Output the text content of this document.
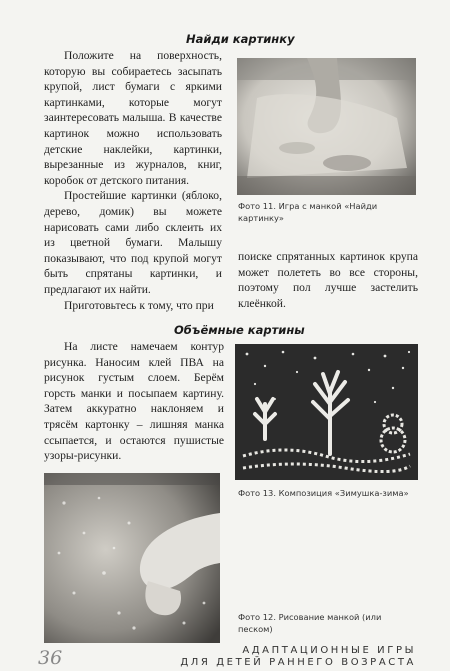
Найди картинку

Положите на поверхность, которую вы собираетесь засыпать крупой, лист бумаги с яркими картинками, которые могут заинтересовать малыша. В качестве картинок можно использовать детские наклейки, картинки, вырезанные из журналов, книг, коробок от детского питания.

Простейшие картинки (яблоко, дерево, домик) вы можете нарисовать сами либо склеить их из цветной бумаги. Малышу показывают, что под крупой могут быть спрятаны картинки, и предлагают их найти.

Приготовьтесь к тому, что при

Фото 11. Игра с манкой «Найди картинку»

поиске спрятанных картинок крупа может полететь во все стороны, поэтому пол лучше застелить клеёнкой.

Объёмные картины

На листе намечаем контур рисунка. Наносим клей ПВА на рисунок густым слоем. Берём горсть манки и посыпаем картину. Затем аккуратно наклоняем и трясём картонку – лишняя манка ссыпается, и остаются пушистые узоры-рисунки.

Фото 13. Композиция «Зимушка-зима»
Фото 12. Рисование манкой (или песком)
36	АДАПТАЦИОННЫЕ ИГРЫ
ДЛЯ ДЕТЕЙ РАННЕГО ВОЗРАСТА
